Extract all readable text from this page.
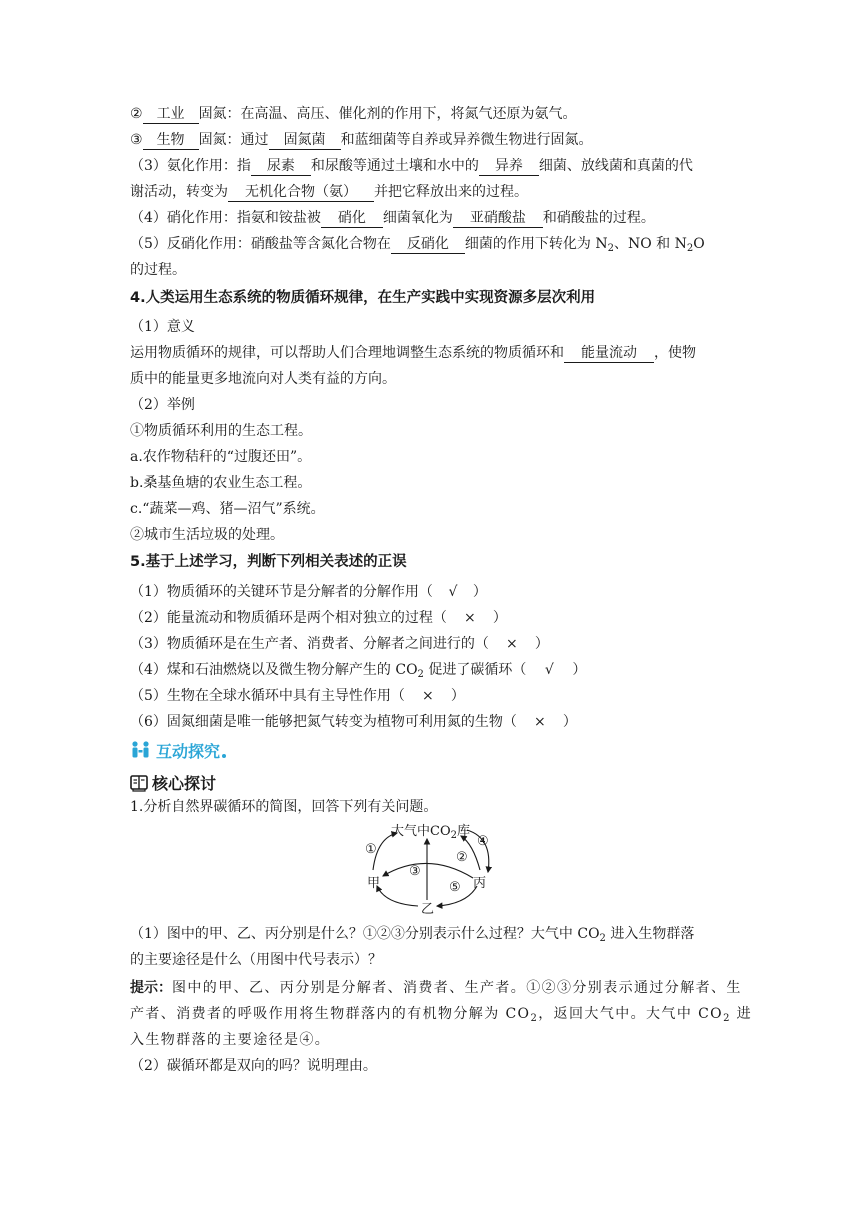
② 工业 固氮：在高温、高压、催化剂的作用下，将氮气还原为氨气。
③ 生物 固氮：通过 固氮菌 和蓝细菌等自养或异养微生物进行固氮。
（3）氨化作用：指 尿素 和尿酸等通过土壤和水中的 异养 细菌、放线菌和真菌的代
谢活动，转变为 无机化合物（氨） 并把它释放出来的过程。
（4）硝化作用：指氨和铵盐被 硝化 细菌氧化为 亚硝酸盐 和硝酸盐的过程。
（5）反硝化作用：硝酸盐等含氮化合物在 反硝化 细菌的作用下转化为 $N_2$、NO 和 $N_2O$
的过程。
4.人类运用生态系统的物质循环规律，在生产实践中实现资源多层次利用
（1）意义
运用物质循环的规律，可以帮助人们合理地调整生态系统的物质循环和 能量流动 ，使物
质中的能量更多地流向对人类有益的方向。
（2）举例
①物质循环利用的生态工程。
a.农作物秸秆的“过腹还田”。
b.桑基鱼塘的农业生态工程。
c.“蔬菜—鸡、猪—沼气”系统。
②城市生活垃圾的处理。
5.基于上述学习，判断下列相关表述的正误
（1）物质循环的关键环节是分解者的分解作用（ √ ）
（2）能量流动和物质循环是两个相对独立的过程（ × ）
（3）物质循环是在生产者、消费者、分解者之间进行的（ × ）
（4）煤和石油燃烧以及微生物分解产生的 $CO_2$ 促进了碳循环（ √ ）
（5）生物在全球水循环中具有主导性作用（ × ）
（6）固氮细菌是唯一能够把氮气转变为植物可利用氮的生物（ × ）
互动探究
核心探讨
1.分析自然界碳循环的简图，回答下列有关问题。
大气中$CO_2$库
甲	丙
乙
①
②
③
④
⑤
（1）图中的甲、乙、丙分别是什么？①②③分别表示什么过程？大气中 $CO_2$ 进入生物群落
的主要途径是什么（用图中代号表示）？
提示：图中的甲、乙、丙分别是分解者、消费者、生产者。①②③分别表示通过分解者、生
产者、消费者的呼吸作用将生物群落内的有机物分解为 $CO_2$，返回大气中。大气中 $CO_2$ 进
入生物群落的主要途径是④。
（2）碳循环都是双向的吗？说明理由。
